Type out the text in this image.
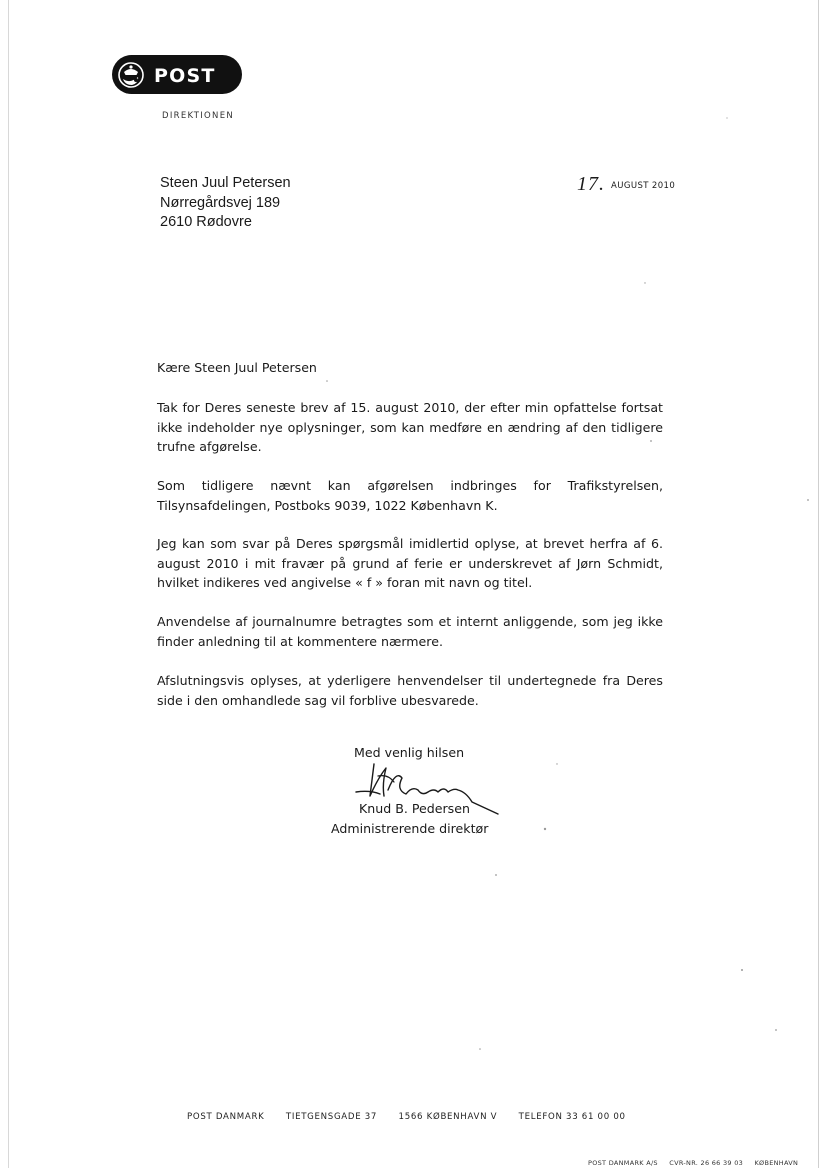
POST
DIREKTIONEN
Steen Juul Petersen
Nørregårdsvej 189
2610 Rødovre
17. AUGUST 2010
Kære Steen Juul Petersen
Tak for Deres seneste brev af 15. august 2010, der efter min opfattelse fortsat ikke indeholder nye oplysninger, som kan medføre en ændring af den tidligere trufne afgørelse.
Som tidligere nævnt kan afgørelsen indbringes for Trafikstyrelsen, Tilsynsafdelingen, Postboks 9039, 1022 København K.
Jeg kan som svar på Deres spørgsmål imidlertid oplyse, at brevet herfra af 6. august 2010 i mit fravær på grund af ferie er underskrevet af Jørn Schmidt, hvilket indikeres ved angivelse « f » foran mit navn og titel.
Anvendelse af journalnumre betragtes som et internt anliggende, som jeg ikke finder anledning til at kommentere nærmere.
Afslutningsvis oplyses, at yderligere henvendelser til undertegnede fra Deres side i den omhandlede sag vil forblive ubesvarede.
Med venlig hilsen
Knud B. Pedersen
Administrerende direktør
POST DANMARK TIETGENSGADE 37 1566 KØBENHAVN V TELEFON 33 61 00 00
POST DANMARK A/S CVR-NR. 26 66 39 03 KØBENHAVN
